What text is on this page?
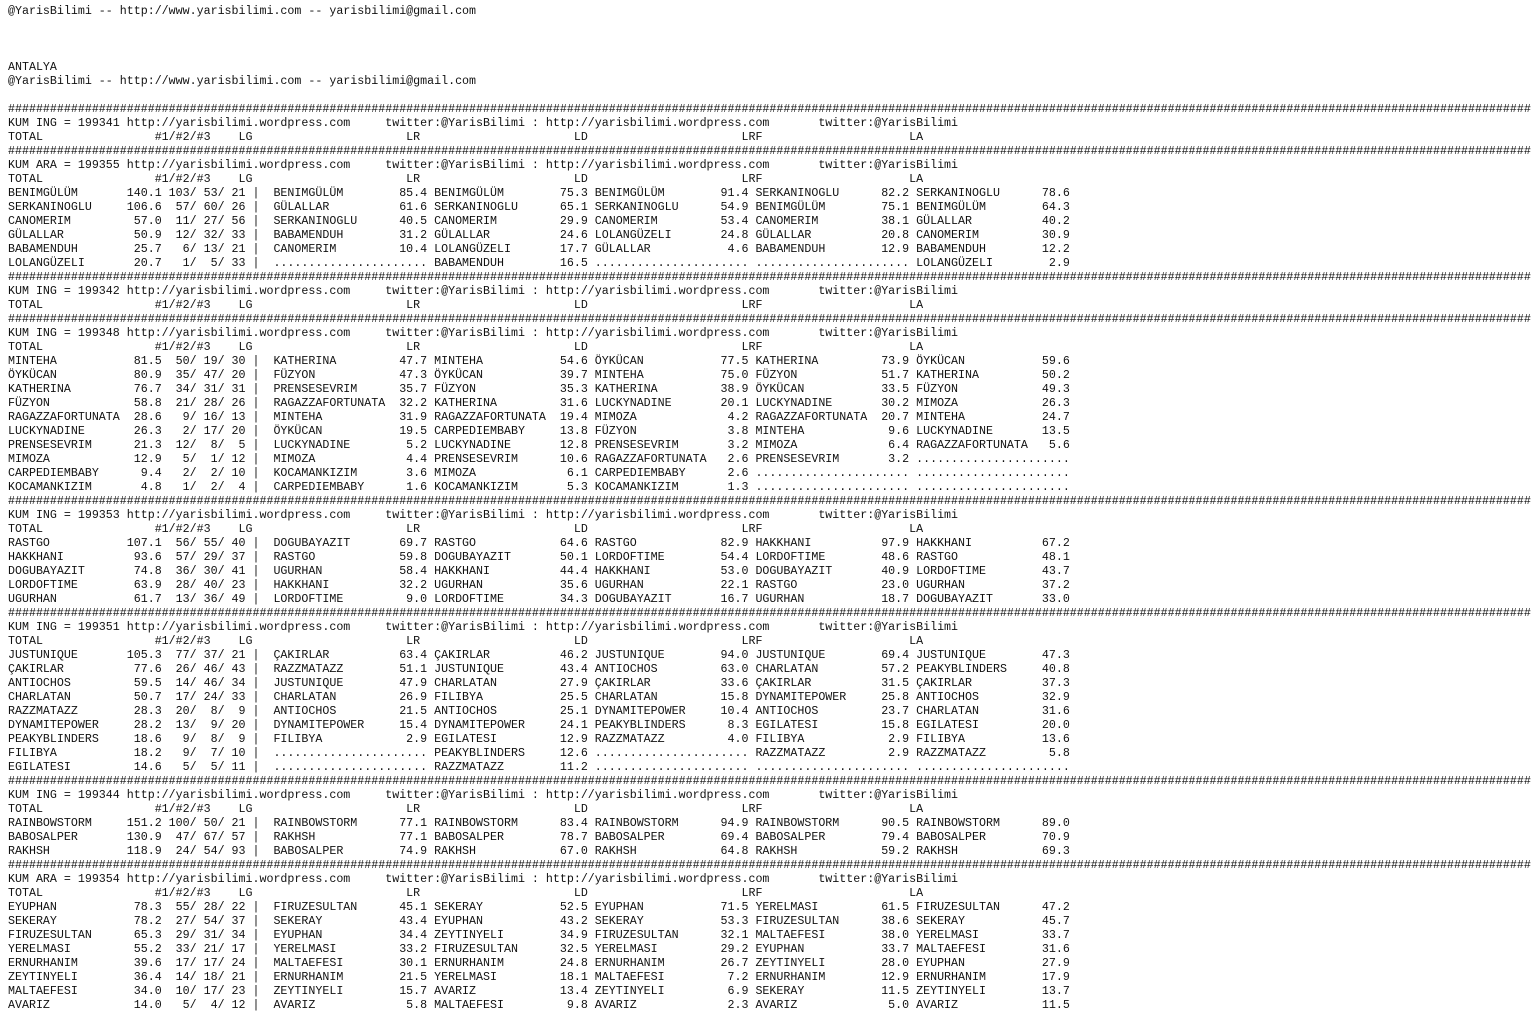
@YarisBilimi -- http://www.yarisbilimi.com -- yarisbilimi@gmail.com
ANTALYA
@YarisBilimi -- http://www.yarisbilimi.com -- yarisbilimi@gmail.com
##########################################################################################################################################################################################################################
KUM ING = 199341 http://yarisbilimi.wordpress.com     twitter:@YarisBilimi : http://yarisbilimi.wordpress.com       twitter:@YarisBilimi
TOTAL                #1/#2/#3    LG                      LR                      LD                      LRF                     LA
##########################################################################################################################################################################################################################
KUM ARA = 199355 http://yarisbilimi.wordpress.com     twitter:@YarisBilimi : http://yarisbilimi.wordpress.com       twitter:@YarisBilimi
TOTAL                #1/#2/#3    LG                      LR                      LD                      LRF                     LA
BENIMGÜLÜM       140.1 103/ 53/ 21 |  BENIMGÜLÜM        85.4 BENIMGÜLÜM        75.3 BENIMGÜLÜM        91.4 SERKANINOGLU      82.2 SERKANINOGLU      78.6
SERKANINOGLU     106.6  57/ 60/ 26 |  GÜLALLAR          61.6 SERKANINOGLU      65.1 SERKANINOGLU      54.9 BENIMGÜLÜM        75.1 BENIMGÜLÜM        64.3
CANOMERIM         57.0  11/ 27/ 56 |  SERKANINOGLU      40.5 CANOMERIM         29.9 CANOMERIM         53.4 CANOMERIM         38.1 GÜLALLAR          40.2
GÜLALLAR          50.9  12/ 32/ 33 |  BABAMENDUH        31.2 GÜLALLAR          24.6 LOLANGÜZELI       24.8 GÜLALLAR          20.8 CANOMERIM         30.9
BABAMENDUH        25.7   6/ 13/ 21 |  CANOMERIM         10.4 LOLANGÜZELI       17.7 GÜLALLAR           4.6 BABAMENDUH        12.9 BABAMENDUH        12.2
LOLANGÜZELI       20.7   1/  5/ 33 |  ...................... BABAMENDUH        16.5 ...................... ...................... LOLANGÜZELI        2.9
##########################################################################################################################################################################################################################
KUM ING = 199342 http://yarisbilimi.wordpress.com     twitter:@YarisBilimi : http://yarisbilimi.wordpress.com       twitter:@YarisBilimi
TOTAL                #1/#2/#3    LG                      LR                      LD                      LRF                     LA
##########################################################################################################################################################################################################################
KUM ING = 199348 http://yarisbilimi.wordpress.com     twitter:@YarisBilimi : http://yarisbilimi.wordpress.com       twitter:@YarisBilimi
TOTAL                #1/#2/#3    LG                      LR                      LD                      LRF                     LA
MINTEHA           81.5  50/ 19/ 30 |  KATHERINA         47.7 MINTEHA           54.6 ÖYKÜCAN           77.5 KATHERINA         73.9 ÖYKÜCAN           59.6
ÖYKÜCAN           80.9  35/ 47/ 20 |  FÜZYON            47.3 ÖYKÜCAN           39.7 MINTEHA           75.0 FÜZYON            51.7 KATHERINA         50.2
KATHERINA         76.7  34/ 31/ 31 |  PRENSESEVRIM      35.7 FÜZYON            35.3 KATHERINA         38.9 ÖYKÜCAN           33.5 FÜZYON            49.3
FÜZYON            58.8  21/ 28/ 26 |  RAGAZZAFORTUNATA  32.2 KATHERINA         31.6 LUCKYNADINE       20.1 LUCKYNADINE       30.2 MIMOZA            26.3
RAGAZZAFORTUNATA  28.6   9/ 16/ 13 |  MINTEHA           31.9 RAGAZZAFORTUNATA  19.4 MIMOZA             4.2 RAGAZZAFORTUNATA  20.7 MINTEHA           24.7
LUCKYNADINE       26.3   2/ 17/ 20 |  ÖYKÜCAN           19.5 CARPEDIEMBABY     13.8 FÜZYON             3.8 MINTEHA            9.6 LUCKYNADINE       13.5
PRENSESEVRIM      21.3  12/  8/  5 |  LUCKYNADINE        5.2 LUCKYNADINE       12.8 PRENSESEVRIM       3.2 MIMOZA             6.4 RAGAZZAFORTUNATA   5.6
MIMOZA            12.9   5/  1/ 12 |  MIMOZA             4.4 PRENSESEVRIM      10.6 RAGAZZAFORTUNATA   2.6 PRENSESEVRIM       3.2 ......................
CARPEDIEMBABY      9.4   2/  2/ 10 |  KOCAMANKIZIM       3.6 MIMOZA             6.1 CARPEDIEMBABY      2.6 ...................... ......................
KOCAMANKIZIM       4.8   1/  2/  4 |  CARPEDIEMBABY      1.6 KOCAMANKIZIM       5.3 KOCAMANKIZIM       1.3 ...................... ......................
##########################################################################################################################################################################################################################
KUM ING = 199353 http://yarisbilimi.wordpress.com     twitter:@YarisBilimi : http://yarisbilimi.wordpress.com       twitter:@YarisBilimi
TOTAL                #1/#2/#3    LG                      LR                      LD                      LRF                     LA
RASTGO           107.1  56/ 55/ 40 |  DOGUBAYAZIT       69.7 RASTGO            64.6 RASTGO            82.9 HAKKHANI          97.9 HAKKHANI          67.2
HAKKHANI          93.6  57/ 29/ 37 |  RASTGO            59.8 DOGUBAYAZIT       50.1 LORDOFTIME        54.4 LORDOFTIME        48.6 RASTGO            48.1
DOGUBAYAZIT       74.8  36/ 30/ 41 |  UGURHAN           58.4 HAKKHANI          44.4 HAKKHANI          53.0 DOGUBAYAZIT       40.9 LORDOFTIME        43.7
LORDOFTIME        63.9  28/ 40/ 23 |  HAKKHANI          32.2 UGURHAN           35.6 UGURHAN           22.1 RASTGO            23.0 UGURHAN           37.2
UGURHAN           61.7  13/ 36/ 49 |  LORDOFTIME         9.0 LORDOFTIME        34.3 DOGUBAYAZIT       16.7 UGURHAN           18.7 DOGUBAYAZIT       33.0
##########################################################################################################################################################################################################################
KUM ING = 199351 http://yarisbilimi.wordpress.com     twitter:@YarisBilimi : http://yarisbilimi.wordpress.com       twitter:@YarisBilimi
TOTAL                #1/#2/#3    LG                      LR                      LD                      LRF                     LA
JUSTUNIQUE       105.3  77/ 37/ 21 |  ÇAKIRLAR          63.4 ÇAKIRLAR          46.2 JUSTUNIQUE        94.0 JUSTUNIQUE        69.4 JUSTUNIQUE        47.3
ÇAKIRLAR          77.6  26/ 46/ 43 |  RAZZMATAZZ        51.1 JUSTUNIQUE        43.4 ANTIOCHOS         63.0 CHARLATAN         57.2 PEAKYBLINDERS     40.8
ANTIOCHOS         59.5  14/ 46/ 34 |  JUSTUNIQUE        47.9 CHARLATAN         27.9 ÇAKIRLAR          33.6 ÇAKIRLAR          31.5 ÇAKIRLAR          37.3
CHARLATAN         50.7  17/ 24/ 33 |  CHARLATAN         26.9 FILIBYA           25.5 CHARLATAN         15.8 DYNAMITEPOWER     25.8 ANTIOCHOS         32.9
RAZZMATAZZ        28.3  20/  8/  9 |  ANTIOCHOS         21.5 ANTIOCHOS         25.1 DYNAMITEPOWER     10.4 ANTIOCHOS         23.7 CHARLATAN         31.6
DYNAMITEPOWER     28.2  13/  9/ 20 |  DYNAMITEPOWER     15.4 DYNAMITEPOWER     24.1 PEAKYBLINDERS      8.3 EGILATESI         15.8 EGILATESI         20.0
PEAKYBLINDERS     18.6   9/  8/  9 |  FILIBYA            2.9 EGILATESI         12.9 RAZZMATAZZ         4.0 FILIBYA            2.9 FILIBYA           13.6
FILIBYA           18.2   9/  7/ 10 |  ...................... PEAKYBLINDERS     12.6 ...................... RAZZMATAZZ         2.9 RAZZMATAZZ         5.8
EGILATESI         14.6   5/  5/ 11 |  ...................... RAZZMATAZZ        11.2 ...................... ...................... ......................
##########################################################################################################################################################################################################################
KUM ING = 199344 http://yarisbilimi.wordpress.com     twitter:@YarisBilimi : http://yarisbilimi.wordpress.com       twitter:@YarisBilimi
TOTAL                #1/#2/#3    LG                      LR                      LD                      LRF                     LA
RAINBOWSTORM     151.2 100/ 50/ 21 |  RAINBOWSTORM      77.1 RAINBOWSTORM      83.4 RAINBOWSTORM      94.9 RAINBOWSTORM      90.5 RAINBOWSTORM      89.0
BABOSALPER       130.9  47/ 67/ 57 |  RAKHSH            77.1 BABOSALPER        78.7 BABOSALPER        69.4 BABOSALPER        79.4 BABOSALPER        70.9
RAKHSH           118.9  24/ 54/ 93 |  BABOSALPER        74.9 RAKHSH            67.0 RAKHSH            64.8 RAKHSH            59.2 RAKHSH            69.3
##########################################################################################################################################################################################################################
KUM ARA = 199354 http://yarisbilimi.wordpress.com     twitter:@YarisBilimi : http://yarisbilimi.wordpress.com       twitter:@YarisBilimi
TOTAL                #1/#2/#3    LG                      LR                      LD                      LRF                     LA
EYUPHAN           78.3  55/ 28/ 22 |  FIRUZESULTAN      45.1 SEKERAY           52.5 EYUPHAN           71.5 YERELMASI         61.5 FIRUZESULTAN      47.2
SEKERAY           78.2  27/ 54/ 37 |  SEKERAY           43.4 EYUPHAN           43.2 SEKERAY           53.3 FIRUZESULTAN      38.6 SEKERAY           45.7
FIRUZESULTAN      65.3  29/ 31/ 34 |  EYUPHAN           34.4 ZEYTINYELI        34.9 FIRUZESULTAN      32.1 MALTAEFESI        38.0 YERELMASI         33.7
YERELMASI         55.2  33/ 21/ 17 |  YERELMASI         33.2 FIRUZESULTAN      32.5 YERELMASI         29.2 EYUPHAN           33.7 MALTAEFESI        31.6
ERNURHANIM        39.6  17/ 17/ 24 |  MALTAEFESI        30.1 ERNURHANIM        24.8 ERNURHANIM        26.7 ZEYTINYELI        28.0 EYUPHAN           27.9
ZEYTINYELI        36.4  14/ 18/ 21 |  ERNURHANIM        21.5 YERELMASI         18.1 MALTAEFESI         7.2 ERNURHANIM        12.9 ERNURHANIM        17.9
MALTAEFESI        34.0  10/ 17/ 23 |  ZEYTINYELI        15.7 AVARIZ            13.4 ZEYTINYELI         6.9 SEKERAY           11.5 ZEYTINYELI        13.7
AVARIZ            14.0   5/  4/ 12 |  AVARIZ             5.8 MALTAEFESI         9.8 AVARIZ             2.3 AVARIZ             5.0 AVARIZ            11.5
